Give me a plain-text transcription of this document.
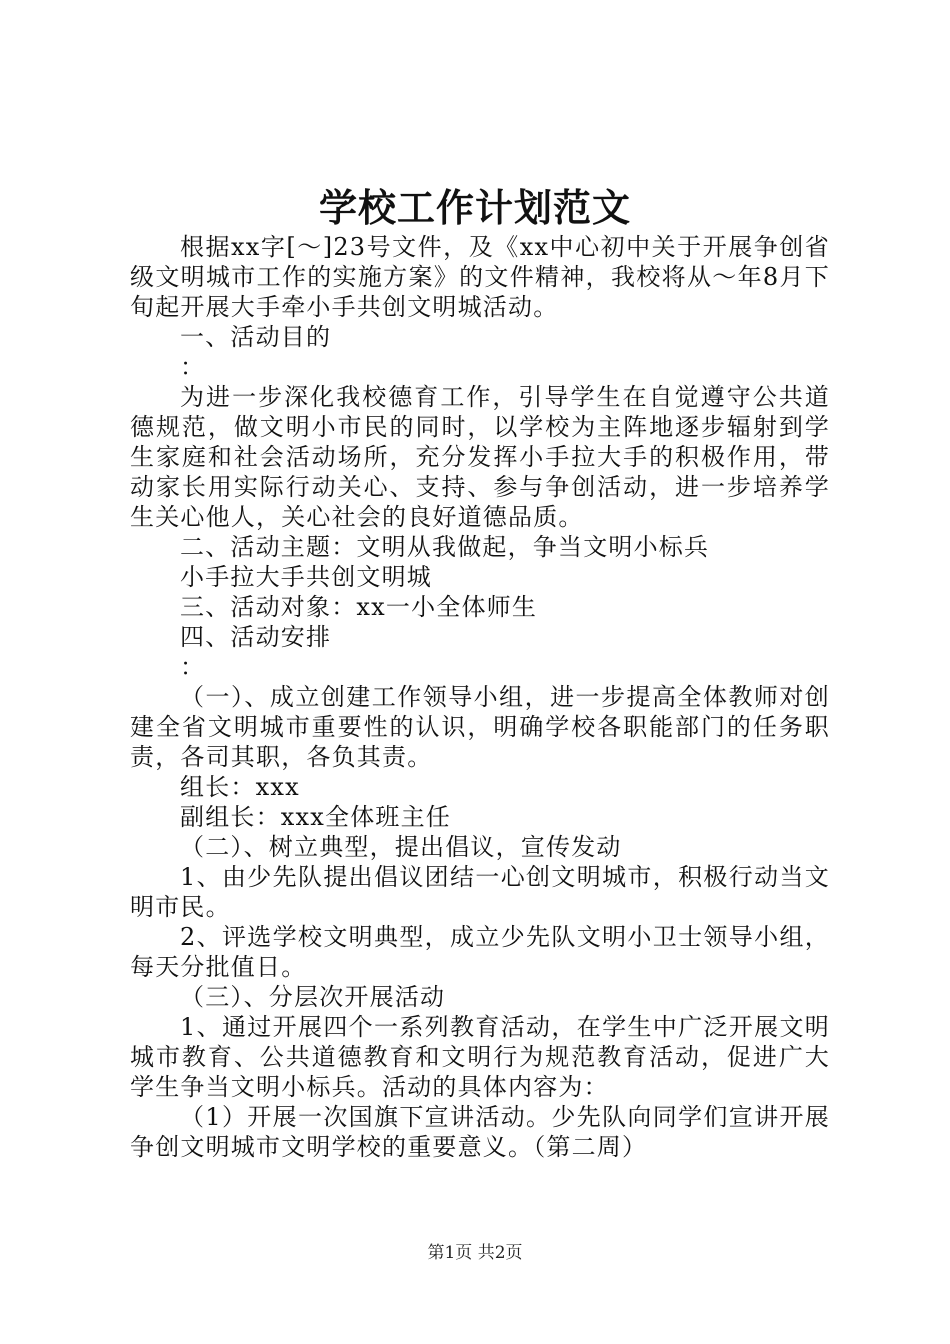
学校工作计划范文

根据xx字[～]23号文件，及《xx中心初中关于开展争创省级文明城市工作的实施方案》的文件精神，我校将从～年8月下旬起开展大手牵小手共创文明城活动。

一、活动目的

：

为进一步深化我校德育工作，引导学生在自觉遵守公共道德规范，做文明小市民的同时，以学校为主阵地逐步辐射到学生家庭和社会活动场所，充分发挥小手拉大手的积极作用，带动家长用实际行动关心、支持、参与争创活动，进一步培养学生关心他人，关心社会的良好道德品质。

二、活动主题：文明从我做起，争当文明小标兵

小手拉大手共创文明城

三、活动对象：xx一小全体师生

四、活动安排

：

（一）、成立创建工作领导小组，进一步提高全体教师对创建全省文明城市重要性的认识，明确学校各职能部门的任务职责，各司其职，各负其责。

组长：xxx

副组长：xxx全体班主任

（二）、树立典型，提出倡议，宣传发动

1、由少先队提出倡议团结一心创文明城市，积极行动当文明市民。

2、评选学校文明典型，成立少先队文明小卫士领导小组，每天分批值日。

（三）、分层次开展活动

1、通过开展四个一系列教育活动，在学生中广泛开展文明城市教育、公共道德教育和文明行为规范教育活动，促进广大学生争当文明小标兵。活动的具体内容为：

（1）开展一次国旗下宣讲活动。少先队向同学们宣讲开展争创文明城市文明学校的重要意义。（第二周）

第1页 共2页
